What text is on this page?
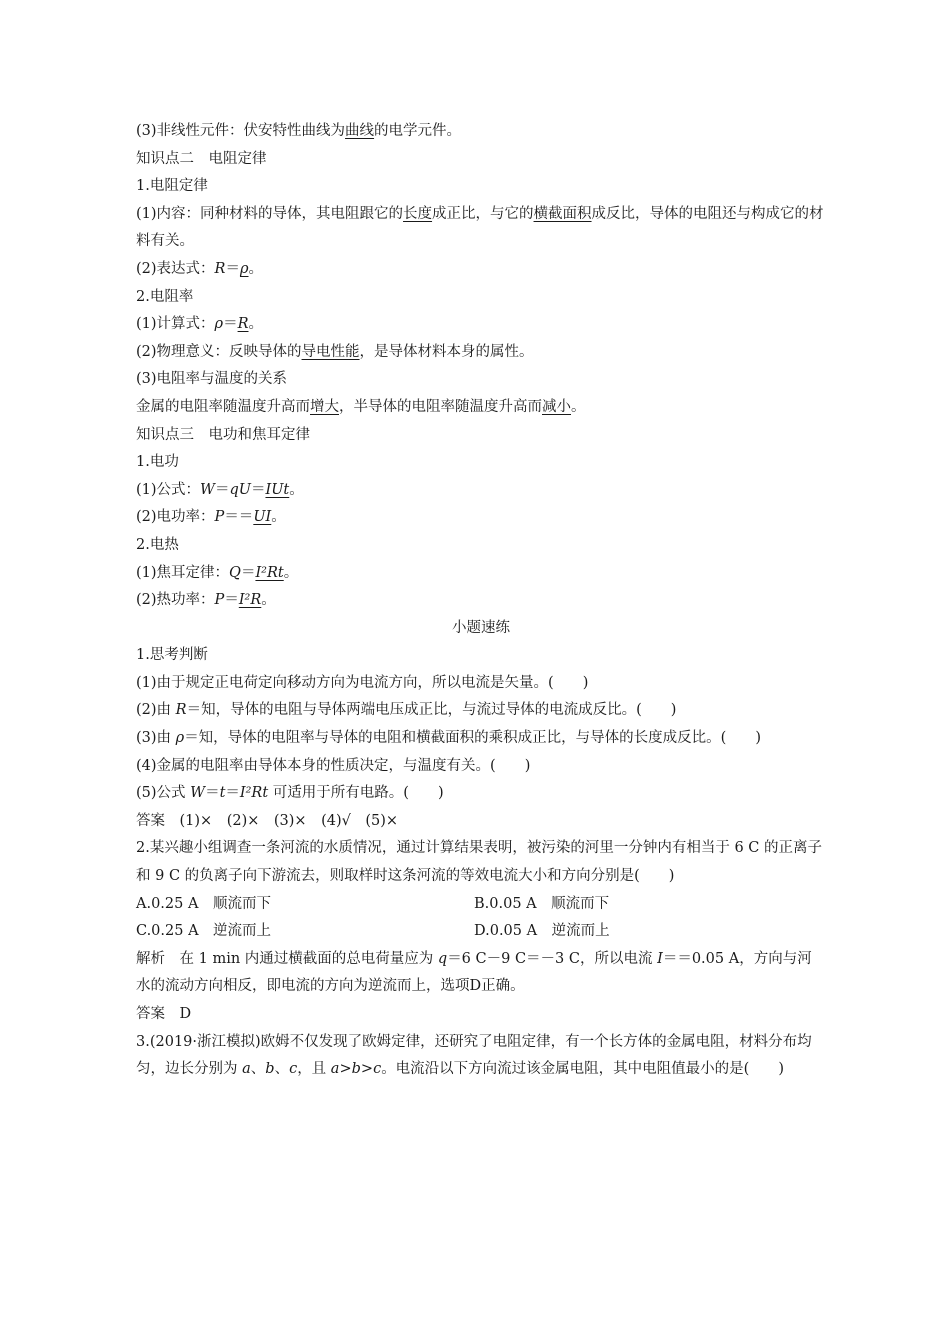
(3)非线性元件：伏安特性曲线为曲线的电学元件。
知识点二　电阻定律
1.电阻定律
(1)内容：同种材料的导体，其电阻跟它的长度成正比，与它的横截面积成反比，导体的电阻还与构成它的材料有关。
(2)表达式：R＝ρ。
2.电阻率
(1)计算式：ρ＝R。
(2)物理意义：反映导体的导电性能，是导体材料本身的属性。
(3)电阻率与温度的关系
金属的电阻率随温度升高而增大，半导体的电阻率随温度升高而减小。
知识点三　电功和焦耳定律
1.电功
(1)公式：W＝qU＝IUt。
(2)电功率：P＝＝UI。
2.电热
(1)焦耳定律：Q＝I²Rt。
(2)热功率：P＝I²R。
小题速练
1.思考判断
(1)由于规定正电荷定向移动方向为电流方向，所以电流是矢量。(　　)
(2)由 R＝知，导体的电阻与导体两端电压成正比，与流过导体的电流成反比。(　　)
(3)由 ρ＝知，导体的电阻率与导体的电阻和横截面积的乘积成正比，与导体的长度成反比。(　　)
(4)金属的电阻率由导体本身的性质决定，与温度有关。(　　)
(5)公式 W＝t＝I²Rt 可适用于所有电路。(　　)
答案　(1)×　(2)×　(3)×　(4)√　(5)×
2.某兴趣小组调查一条河流的水质情况，通过计算结果表明，被污染的河里一分钟内有相当于 6 C 的正离子和 9 C 的负离子向下游流去，则取样时这条河流的等效电流大小和方向分别是(　　)
A.0.25 A　顺流而下	B.0.05 A　顺流而下
C.0.25 A　逆流而上	D.0.05 A　逆流而上
解析　在 1 min 内通过横截面的总电荷量应为 q＝6 C－9 C＝－3 C，所以电流 I＝＝0.05 A，方向与河水的流动方向相反，即电流的方向为逆流而上，选项D正确。
答案　D
3.(2019·浙江模拟)欧姆不仅发现了欧姆定律，还研究了电阻定律，有一个长方体的金属电阻，材料分布均匀，边长分别为 a、b、c，且 a>b>c。电流沿以下方向流过该金属电阻，其中电阻值最小的是(　　)
